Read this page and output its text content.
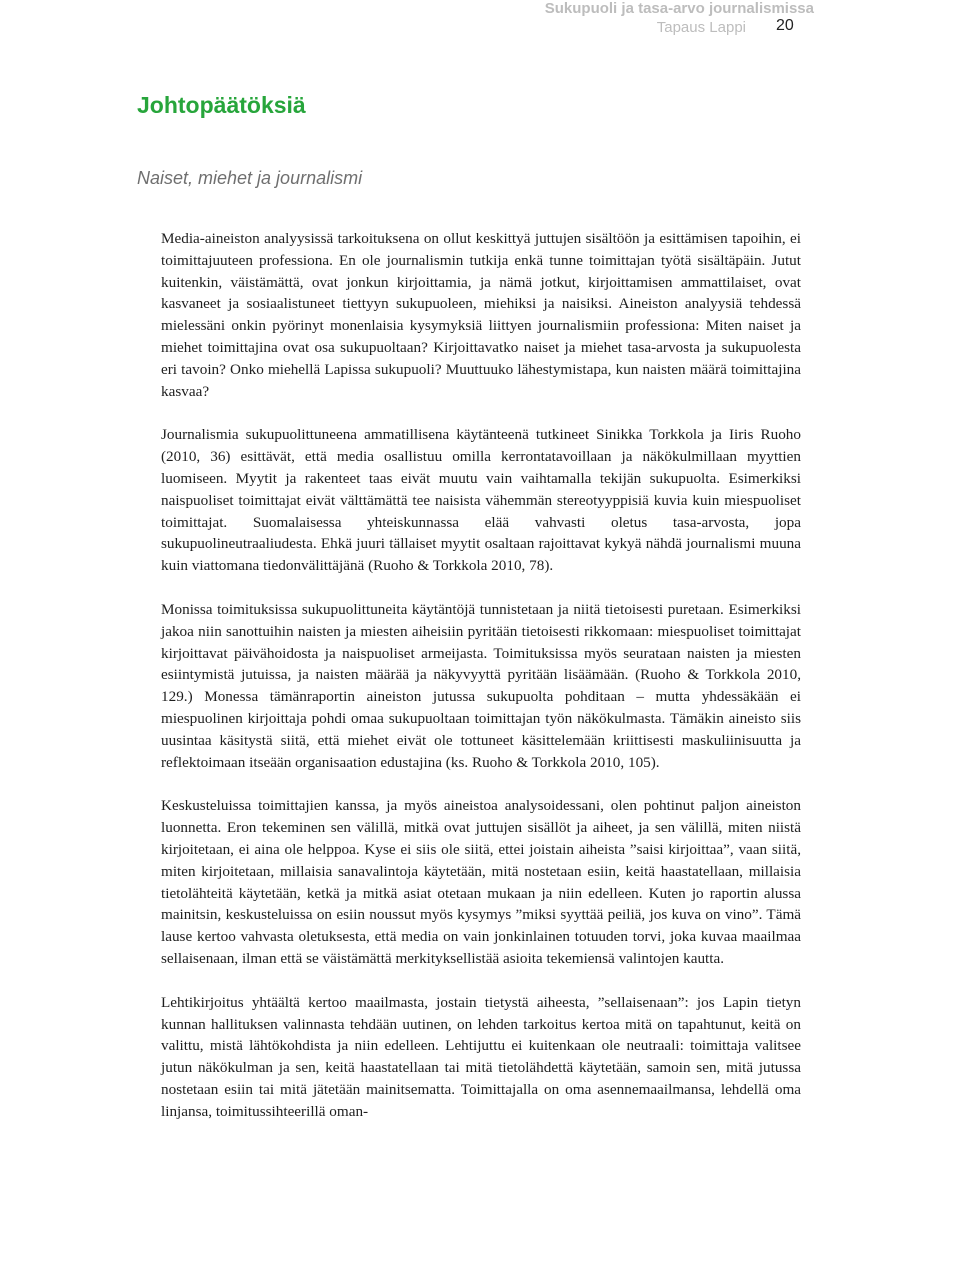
Sukupuoli ja tasa-arvo journalismissa
Tapaus Lappi 20
Johtopäätöksiä
Naiset, miehet ja journalismi

Media-aineiston analyysissä tarkoituksena on ollut keskittyä juttujen sisältöön ja esittämisen tapoihin, ei toimittajuuteen professiona. En ole journalismin tutkija enkä tunne toimittajan työtä sisältäpäin. Jutut kuitenkin, väistämättä, ovat jonkun kirjoittamia, ja nämä jotkut, kirjoittamisen ammattilaiset, ovat kasvaneet ja sosiaalistuneet tiettyyn sukupuoleen, miehiksi ja naisiksi. Aineiston analyysiä tehdessä mielessäni onkin pyörinyt monenlaisia kysymyksiä liittyen journalismiin professiona: Miten naiset ja miehet toimittajina ovat osa sukupuoltaan? Kirjoittavatko naiset ja miehet tasa-arvosta ja sukupuolesta eri tavoin? Onko miehellä Lapissa sukupuoli? Muuttuuko lähestymistapa, kun naisten määrä toimittajina kasvaa?

Journalismia sukupuolittuneena ammatillisena käytänteenä tutkineet Sinikka Torkkola ja Iiris Ruoho (2010, 36) esittävät, että media osallistuu omilla kerrontatavoillaan ja näkökulmillaan myyttien luomiseen. Myytit ja rakenteet taas eivät muutu vain vaihtamalla tekijän sukupuolta. Esimerkiksi naispuoliset toimittajat eivät välttämättä tee naisista vähemmän stereotyyppisiä kuvia kuin miespuoliset toimittajat. Suomalaisessa yhteiskunnassa elää vahvasti oletus tasa-arvosta, jopa sukupuolineutraaliudesta. Ehkä juuri tällaiset myytit osaltaan rajoittavat kykyä nähdä journalismi muuna kuin viattomana tiedonvälittäjänä (Ruoho & Torkkola 2010, 78).

Monissa toimituksissa sukupuolittuneita käytäntöjä tunnistetaan ja niitä tietoisesti puretaan. Esimerkiksi jakoa niin sanottuihin naisten ja miesten aiheisiin pyritään tietoisesti rikkomaan: miespuoliset toimittajat kirjoittavat päivähoidosta ja naispuoliset armeijasta. Toimituksissa myös seurataan naisten ja miesten esiintymistä jutuissa, ja naisten määrää ja näkyvyyttä pyritään lisäämään. (Ruoho & Torkkola 2010, 129.) Monessa tämänraportin aineiston jutussa sukupuolta pohditaan – mutta yhdessäkään ei miespuolinen kirjoittaja pohdi omaa sukupuoltaan toimittajan työn näkökulmasta. Tämäkin aineisto siis uusintaa käsitystä siitä, että miehet eivät ole tottuneet käsittelemään kriittisesti maskuliinisuutta ja reflektoimaan itseään organisaation edustajina (ks. Ruoho & Torkkola 2010, 105).

Keskusteluissa toimittajien kanssa, ja myös aineistoa analysoidessani, olen pohtinut paljon aineiston luonnetta. Eron tekeminen sen välillä, mitkä ovat juttujen sisällöt ja aiheet, ja sen välillä, miten niistä kirjoitetaan, ei aina ole helppoa. Kyse ei siis ole siitä, ettei joistain aiheista ”saisi kirjoittaa”, vaan siitä, miten kirjoitetaan, millaisia sanavalintoja käytetään, mitä nostetaan esiin, keitä haastatellaan, millaisia tietolähteitä käytetään, ketkä ja mitkä asiat otetaan mukaan ja niin edelleen. Kuten jo raportin alussa mainitsin, keskusteluissa on esiin noussut myös kysymys ”miksi syyttää peiliä, jos kuva on vino”. Tämä lause kertoo vahvasta oletuksesta, että media on vain jonkinlainen totuuden torvi, joka kuvaa maailmaa sellaisenaan, ilman että se väistämättä merkityksellistää asioita tekemiensä valintojen kautta.

Lehtikirjoitus yhtäältä kertoo maailmasta, jostain tietystä aiheesta, ”sellaisenaan”: jos Lapin tietyn kunnan hallituksen valinnasta tehdään uutinen, on lehden tarkoitus kertoa mitä on tapahtunut, keitä on valittu, mistä lähtökohdista ja niin edelleen. Lehtijuttu ei kuitenkaan ole neutraali: toimittaja valitsee jutun näkökulman ja sen, keitä haastatellaan tai mitä tietolähdettä käytetään, samoin sen, mitä jutussa nostetaan esiin tai mitä jätetään mainitsematta. Toimittajalla on oma asennemaailmansa, lehdellä oma linjansa, toimitussihteerillä oman-
